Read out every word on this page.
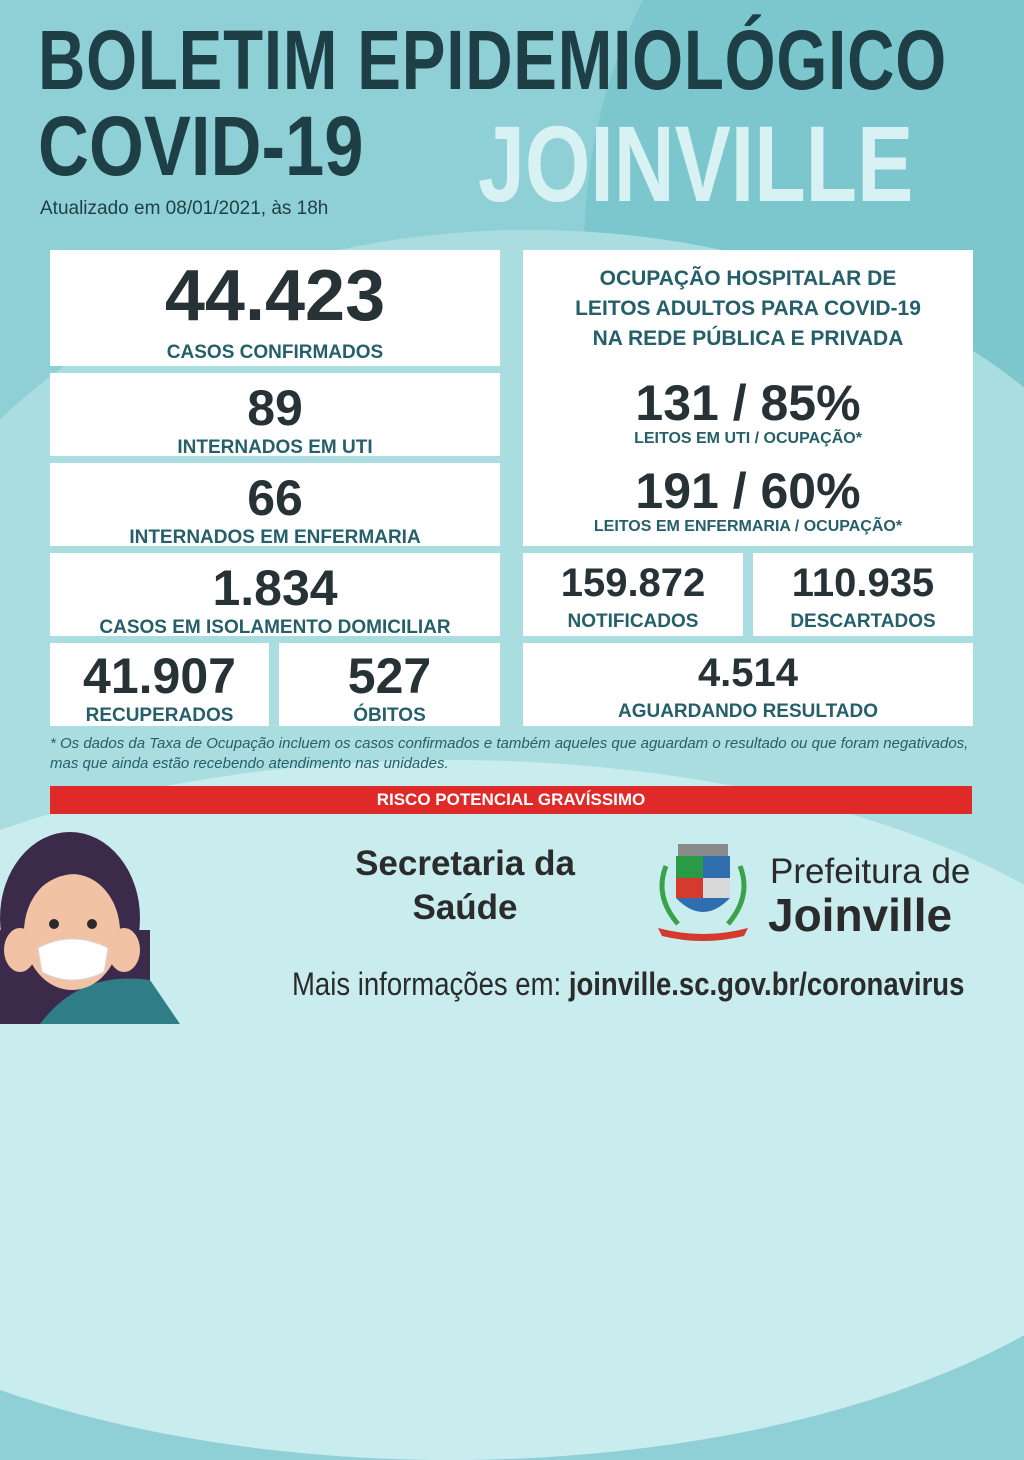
BOLETIM EPIDEMIOLÓGICO
COVID-19 JOINVILLE
Atualizado em 08/01/2021, às 18h
44.423
CASOS CONFIRMADOS
89
INTERNADOS EM UTI
66
INTERNADOS EM ENFERMARIA
1.834
CASOS EM ISOLAMENTO DOMICILIAR
41.907
RECUPERADOS
527
ÓBITOS
OCUPAÇÃO HOSPITALAR DE
LEITOS ADULTOS PARA COVID-19
NA REDE PÚBLICA E PRIVADA
131 / 85%
LEITOS EM UTI / OCUPAÇÃO*
191 / 60%
LEITOS EM ENFERMARIA / OCUPAÇÃO*
159.872
NOTIFICADOS
110.935
DESCARTADOS
4.514
AGUARDANDO RESULTADO
* Os dados da Taxa de Ocupação incluem os casos confirmados e também aqueles que aguardam o resultado ou que foram negativados, mas que ainda estão recebendo atendimento nas unidades.
RISCO POTENCIAL GRAVÍSSIMO
Secretaria da
Saúde
Prefeitura de
Joinville
Mais informações em: joinville.sc.gov.br/coronavirus
